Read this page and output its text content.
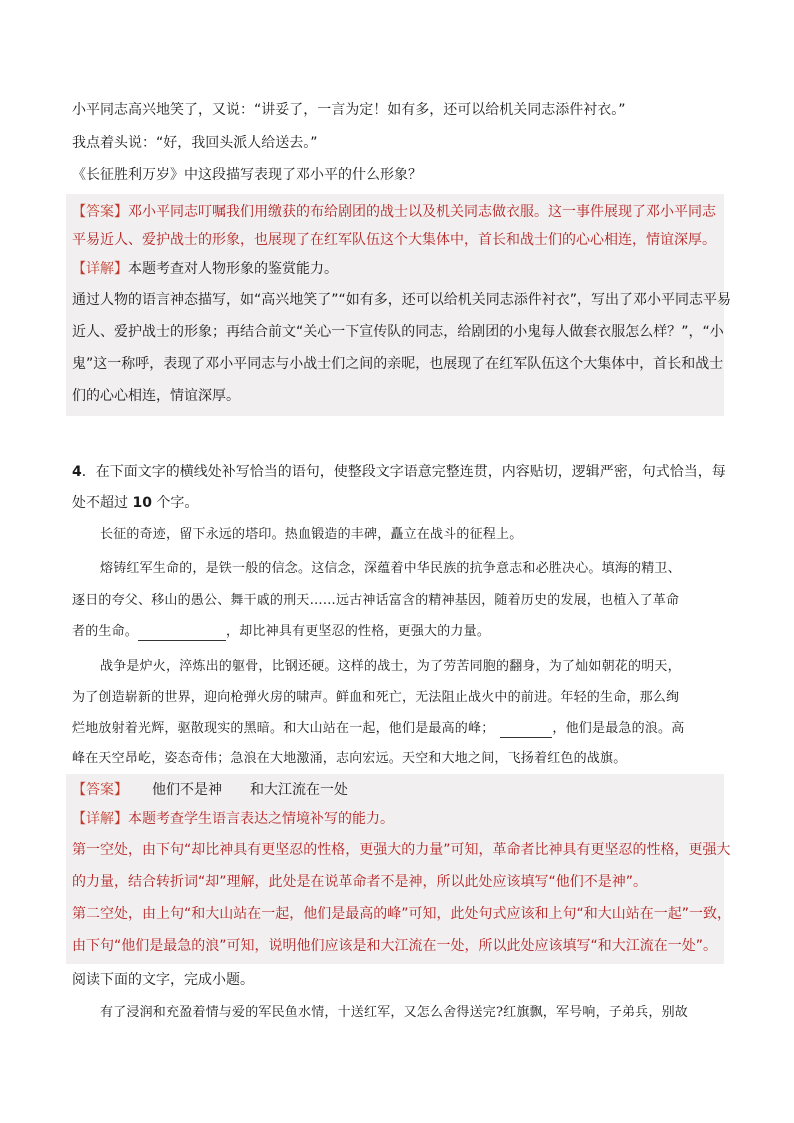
小平同志高兴地笑了，又说：“讲妥了，一言为定！如有多，还可以给机关同志添件衬衣。”
我点着头说：“好，我回头派人给送去。”
《长征胜利万岁》中这段描写表现了邓小平的什么形象？
【答案】邓小平同志叮嘱我们用缴获的布给剧团的战士以及机关同志做衣服。这一事件展现了邓小平同志
平易近人、爱护战士的形象，也展现了在红军队伍这个大集体中，首长和战士们的心心相连，情谊深厚。
【详解】本题考查对人物形象的鉴赏能力。
通过人物的语言神态描写，如“高兴地笑了”“如有多，还可以给机关同志添件衬衣”，写出了邓小平同志平易
近人、爱护战士的形象；再结合前文“关心一下宣传队的同志，给剧团的小鬼每人做套衣服怎么样？”，“小
鬼”这一称呼，表现了邓小平同志与小战士们之间的亲昵，也展现了在红军队伍这个大集体中，首长和战士
们的心心相连，情谊深厚。
4．在下面文字的横线处补写恰当的语句，使整段文字语意完整连贯，内容贴切，逻辑严密，句式恰当，每
处不超过 10 个字。
长征的奇迹，留下永远的塔印。热血锻造的丰碑，矗立在战斗的征程上。
熔铸红军生命的，是铁一般的信念。这信念，深蕴着中华民族的抗争意志和必胜决心。填海的精卫、
逐日的夸父、移山的愚公、舞干戚的刑天……远古神话富含的精神基因，随着历史的发展，也植入了革命
者的生命。	，却比神具有更坚忍的性格，更强大的力量。
战争是炉火，淬炼出的躯骨，比钢还硬。这样的战士，为了劳苦同胞的翻身，为了灿如朝花的明天，
为了创造崭新的世界，迎向枪弹火房的啸声。鲜血和死亡，无法阻止战火中的前进。年轻的生命，那么绚
烂地放射着光辉，驱散现实的黑暗。和大山站在一起，他们是最高的峰；	，他们是最急的浪。高
峰在天空昂屹，姿态奇伟；急浪在大地激涌，志向宏远。天空和大地之间，飞扬着红色的战旗。
【答案】 他们不是神 和大江流在一处
【详解】本题考查学生语言表达之情境补写的能力。
第一空处，由下句“却比神具有更坚忍的性格，更强大的力量”可知，革命者比神具有更坚忍的性格，更强大
的力量，结合转折词“却”理解，此处是在说革命者不是神，所以此处应该填写“他们不是神”。
第二空处，由上句“和大山站在一起，他们是最高的峰”可知，此处句式应该和上句“和大山站在一起”一致，
由下句“他们是最急的浪”可知，说明他们应该是和大江流在一处，所以此处应该填写“和大江流在一处”。
阅读下面的文字，完成小题。
有了浸润和充盈着情与爱的军民鱼水情，十送红军，又怎么舍得送完?红旗飘，军号响，子弟兵，别故
